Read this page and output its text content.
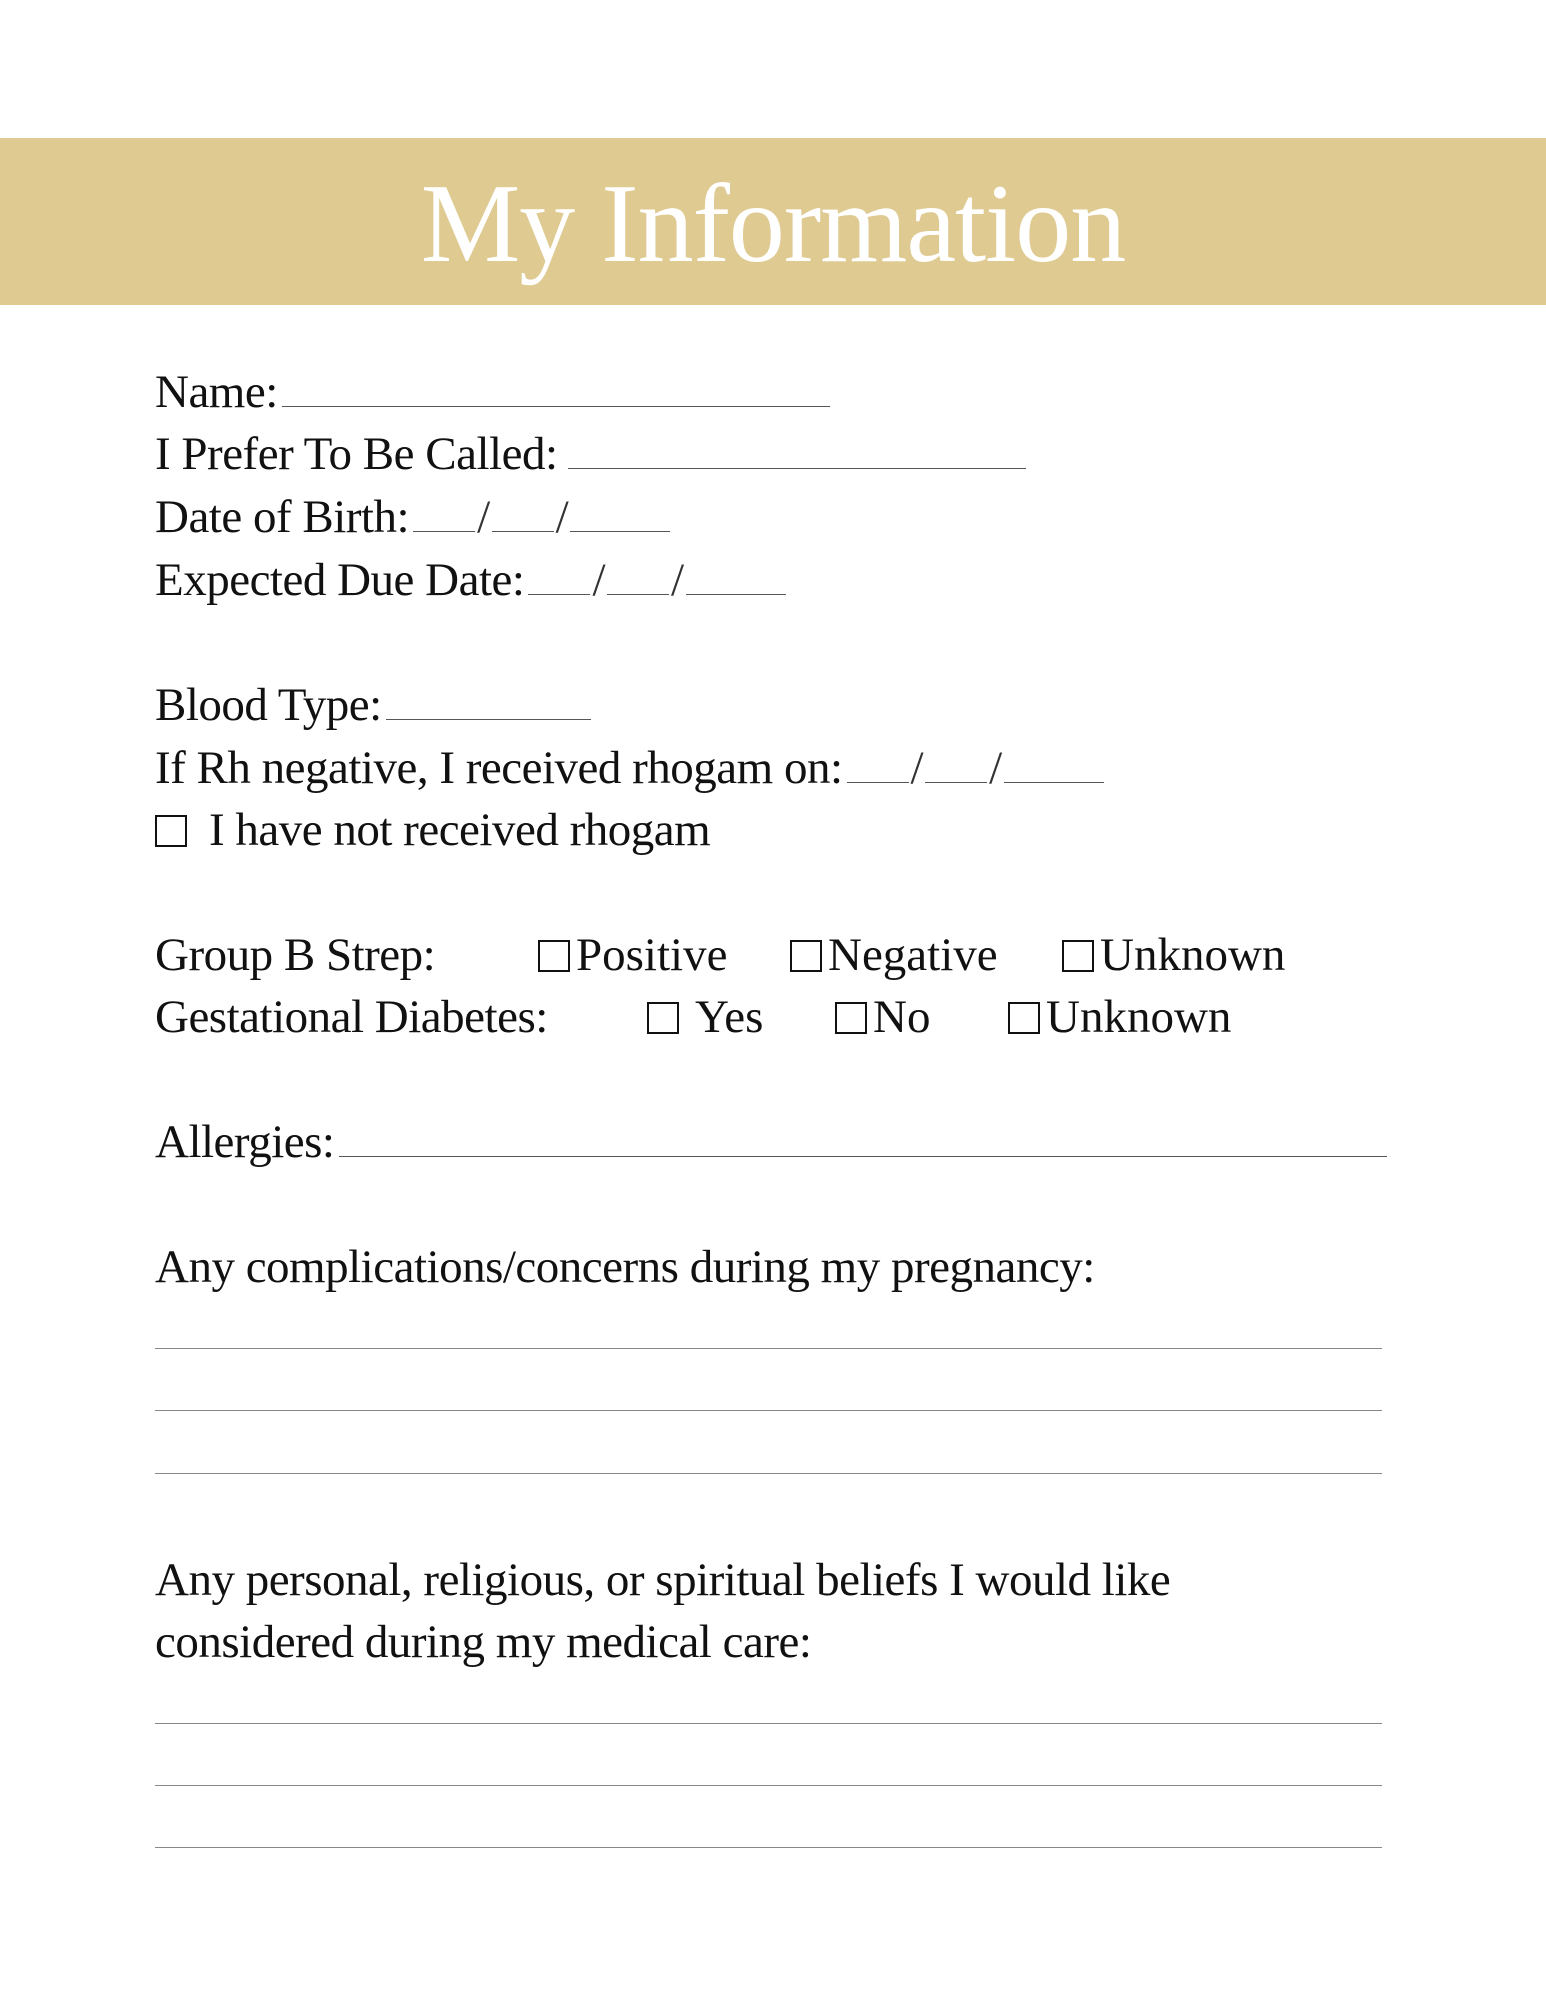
My Information
Name:
I Prefer To Be Called:
Date of Birth: / /
Expected Due Date: / /
Blood Type:
If Rh negative, I received rhogam on: / /
I have not received rhogam
Group B Strep:	Positive	Negative	Unknown
Gestational Diabetes:	Yes	No	Unknown
Allergies:
Any complications/concerns during my pregnancy:
Any personal, religious, or spiritual beliefs I would like
considered during my medical care:
